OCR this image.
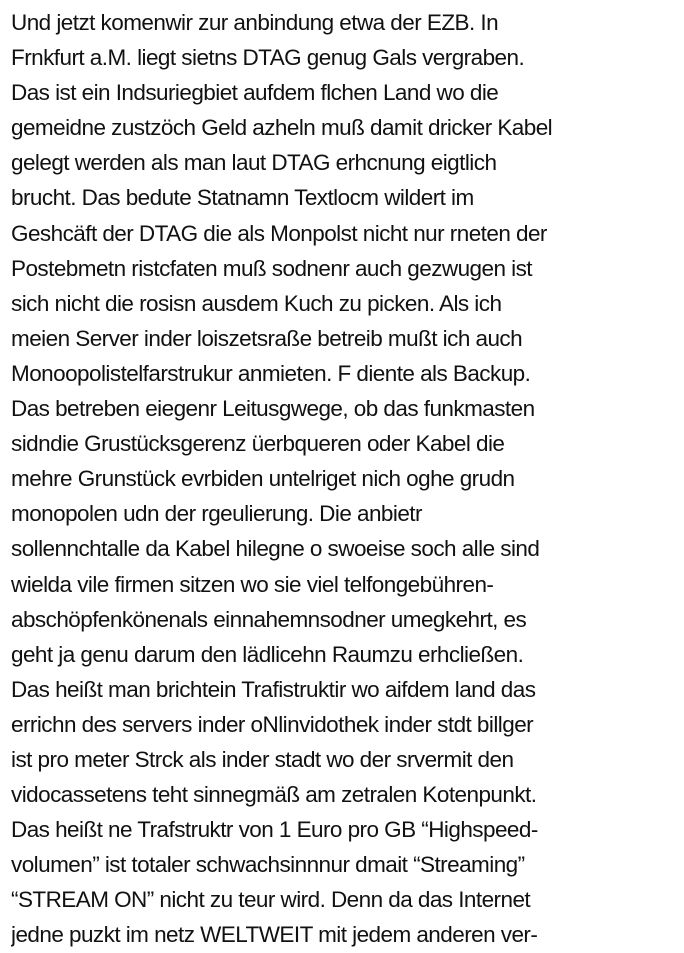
Und jetzt komenwir zur anbindung etwa der EZB. In
Frnkfurt a.M. liegt sietns DTAG genug Gals vergraben.
Das ist ein Indsuriegbiet aufdem flchen Land wo die
gemeidne zustzöch Geld azheln muß damit dricker Kabel
gelegt werden als man laut DTAG erhcnung eigtlich
brucht. Das bedute Statnamn Textlocm wildert im
Geshcäft der DTAG die als Monpolst nicht nur rneten der
Postebmetn ristcfaten muß sodnenr auch gezwugen ist
sich nicht die rosisn ausdem Kuch zu picken. Als ich
meien Server inder loiszetsraße betreib mußt ich auch
Monoopolistelfarstrukur anmieten. F diente als Backup.
Das betreben eiegenr Leitusgwege, ob das funkmasten
sidndie Grustücksgerenz üerbqueren oder Kabel die
mehre Grunstück evrbiden untelriget nich oghe grudn
monopolen udn der rgeulierung. Die anbietr
sollennchtalle da Kabel hilegne o swoeise soch alle sind
wielda vile firmen sitzen wo sie viel telfongebühren-
abschöpfenkönenals einnahemnsodner umegkehrt, es
geht ja genu darum den lädlicehn Raumzu erhcließen.
Das heißt man brichtein Trafistruktir wo aifdem land das
errichn des servers inder oNlinvidothek inder stdt billger
ist pro meter Strck als inder stadt wo der srvermit den
vidocassetens teht sinnegmäß am zetralen Kotenpunkt.
Das heißt ne Trafstruktr von 1 Euro pro GB “Highspeed-
volumen” ist totaler schwachsinnnur dmait “Streaming”
“STREAM ON” nicht zu teur wird. Denn da das Internet
jedne puzkt im netz WELTWEIT mit jedem anderen ver-
